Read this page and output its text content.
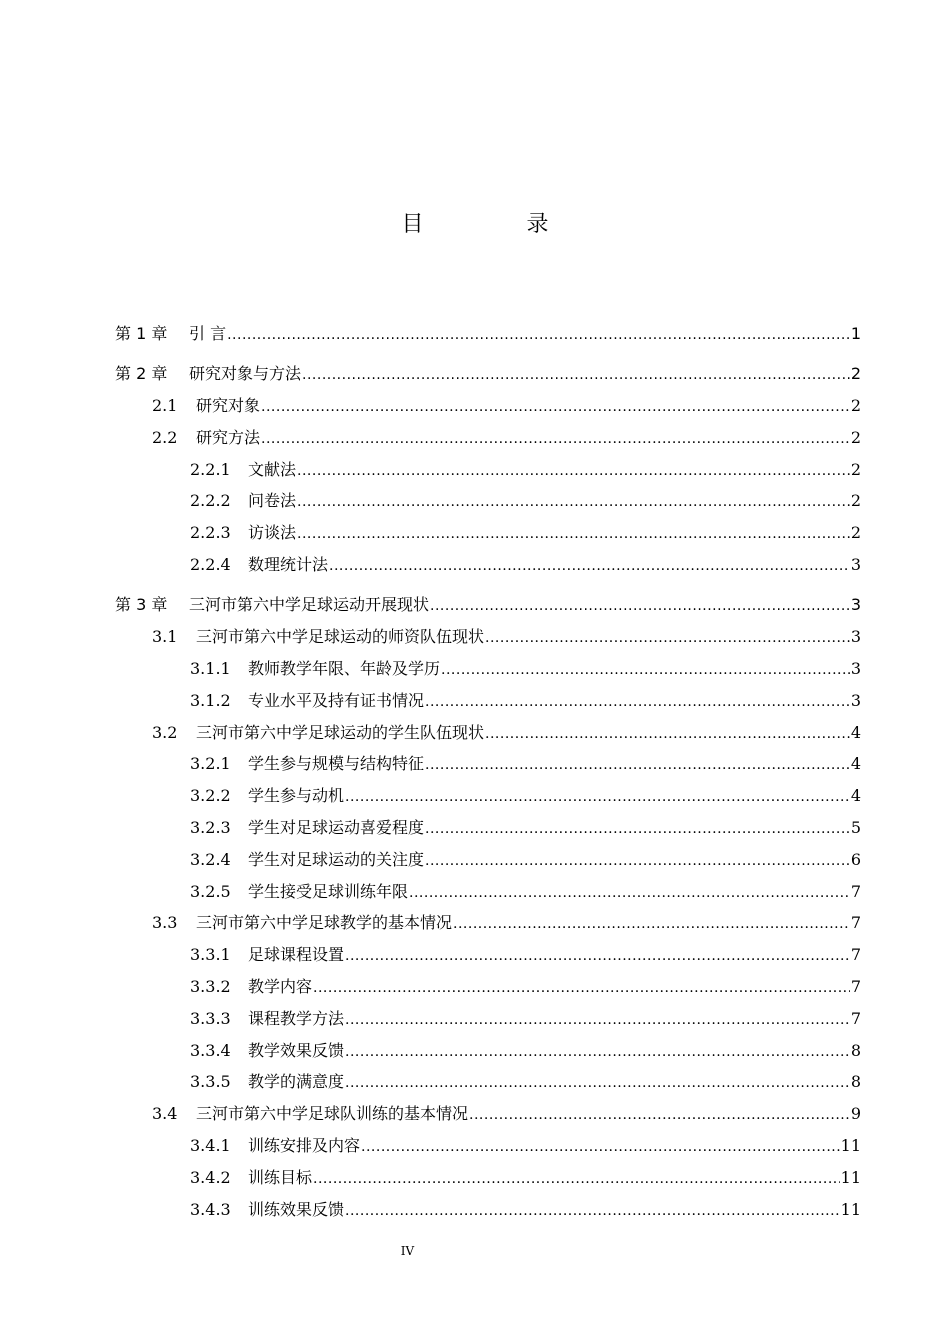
目 录
第 1 章	引 言 .....	1
第 2 章	研究对象与方法 .....	2
2.1	研究对象 .....	2
2.2	研究方法 .....	2
2.2.1	文献法 .....	2
2.2.2	问卷法 .....	2
2.2.3	访谈法 .....	2
2.2.4	数理统计法 .....	3
第 3 章	三河市第六中学足球运动开展现状 .....	3
3.1	三河市第六中学足球运动的师资队伍现状 .....	3
3.1.1	教师教学年限、年龄及学历 .....	3
3.1.2	专业水平及持有证书情况 .....	3
3.2	三河市第六中学足球运动的学生队伍现状 .....	4
3.2.1	学生参与规模与结构特征 .....	4
3.2.2	学生参与动机 .....	4
3.2.3	学生对足球运动喜爱程度 .....	5
3.2.4	学生对足球运动的关注度 .....	6
3.2.5	学生接受足球训练年限 .....	7
3.3	三河市第六中学足球教学的基本情况 .....	7
3.3.1	足球课程设置 .....	7
3.3.2	教学内容 .....	7
3.3.3	课程教学方法 .....	7
3.3.4	教学效果反馈 .....	8
3.3.5	教学的满意度 .....	8
3.4	三河市第六中学足球队训练的基本情况 .....	9
3.4.1	训练安排及内容 .....	11
3.4.2	训练目标 .....	11
3.4.3	训练效果反馈 .....	11
IV
